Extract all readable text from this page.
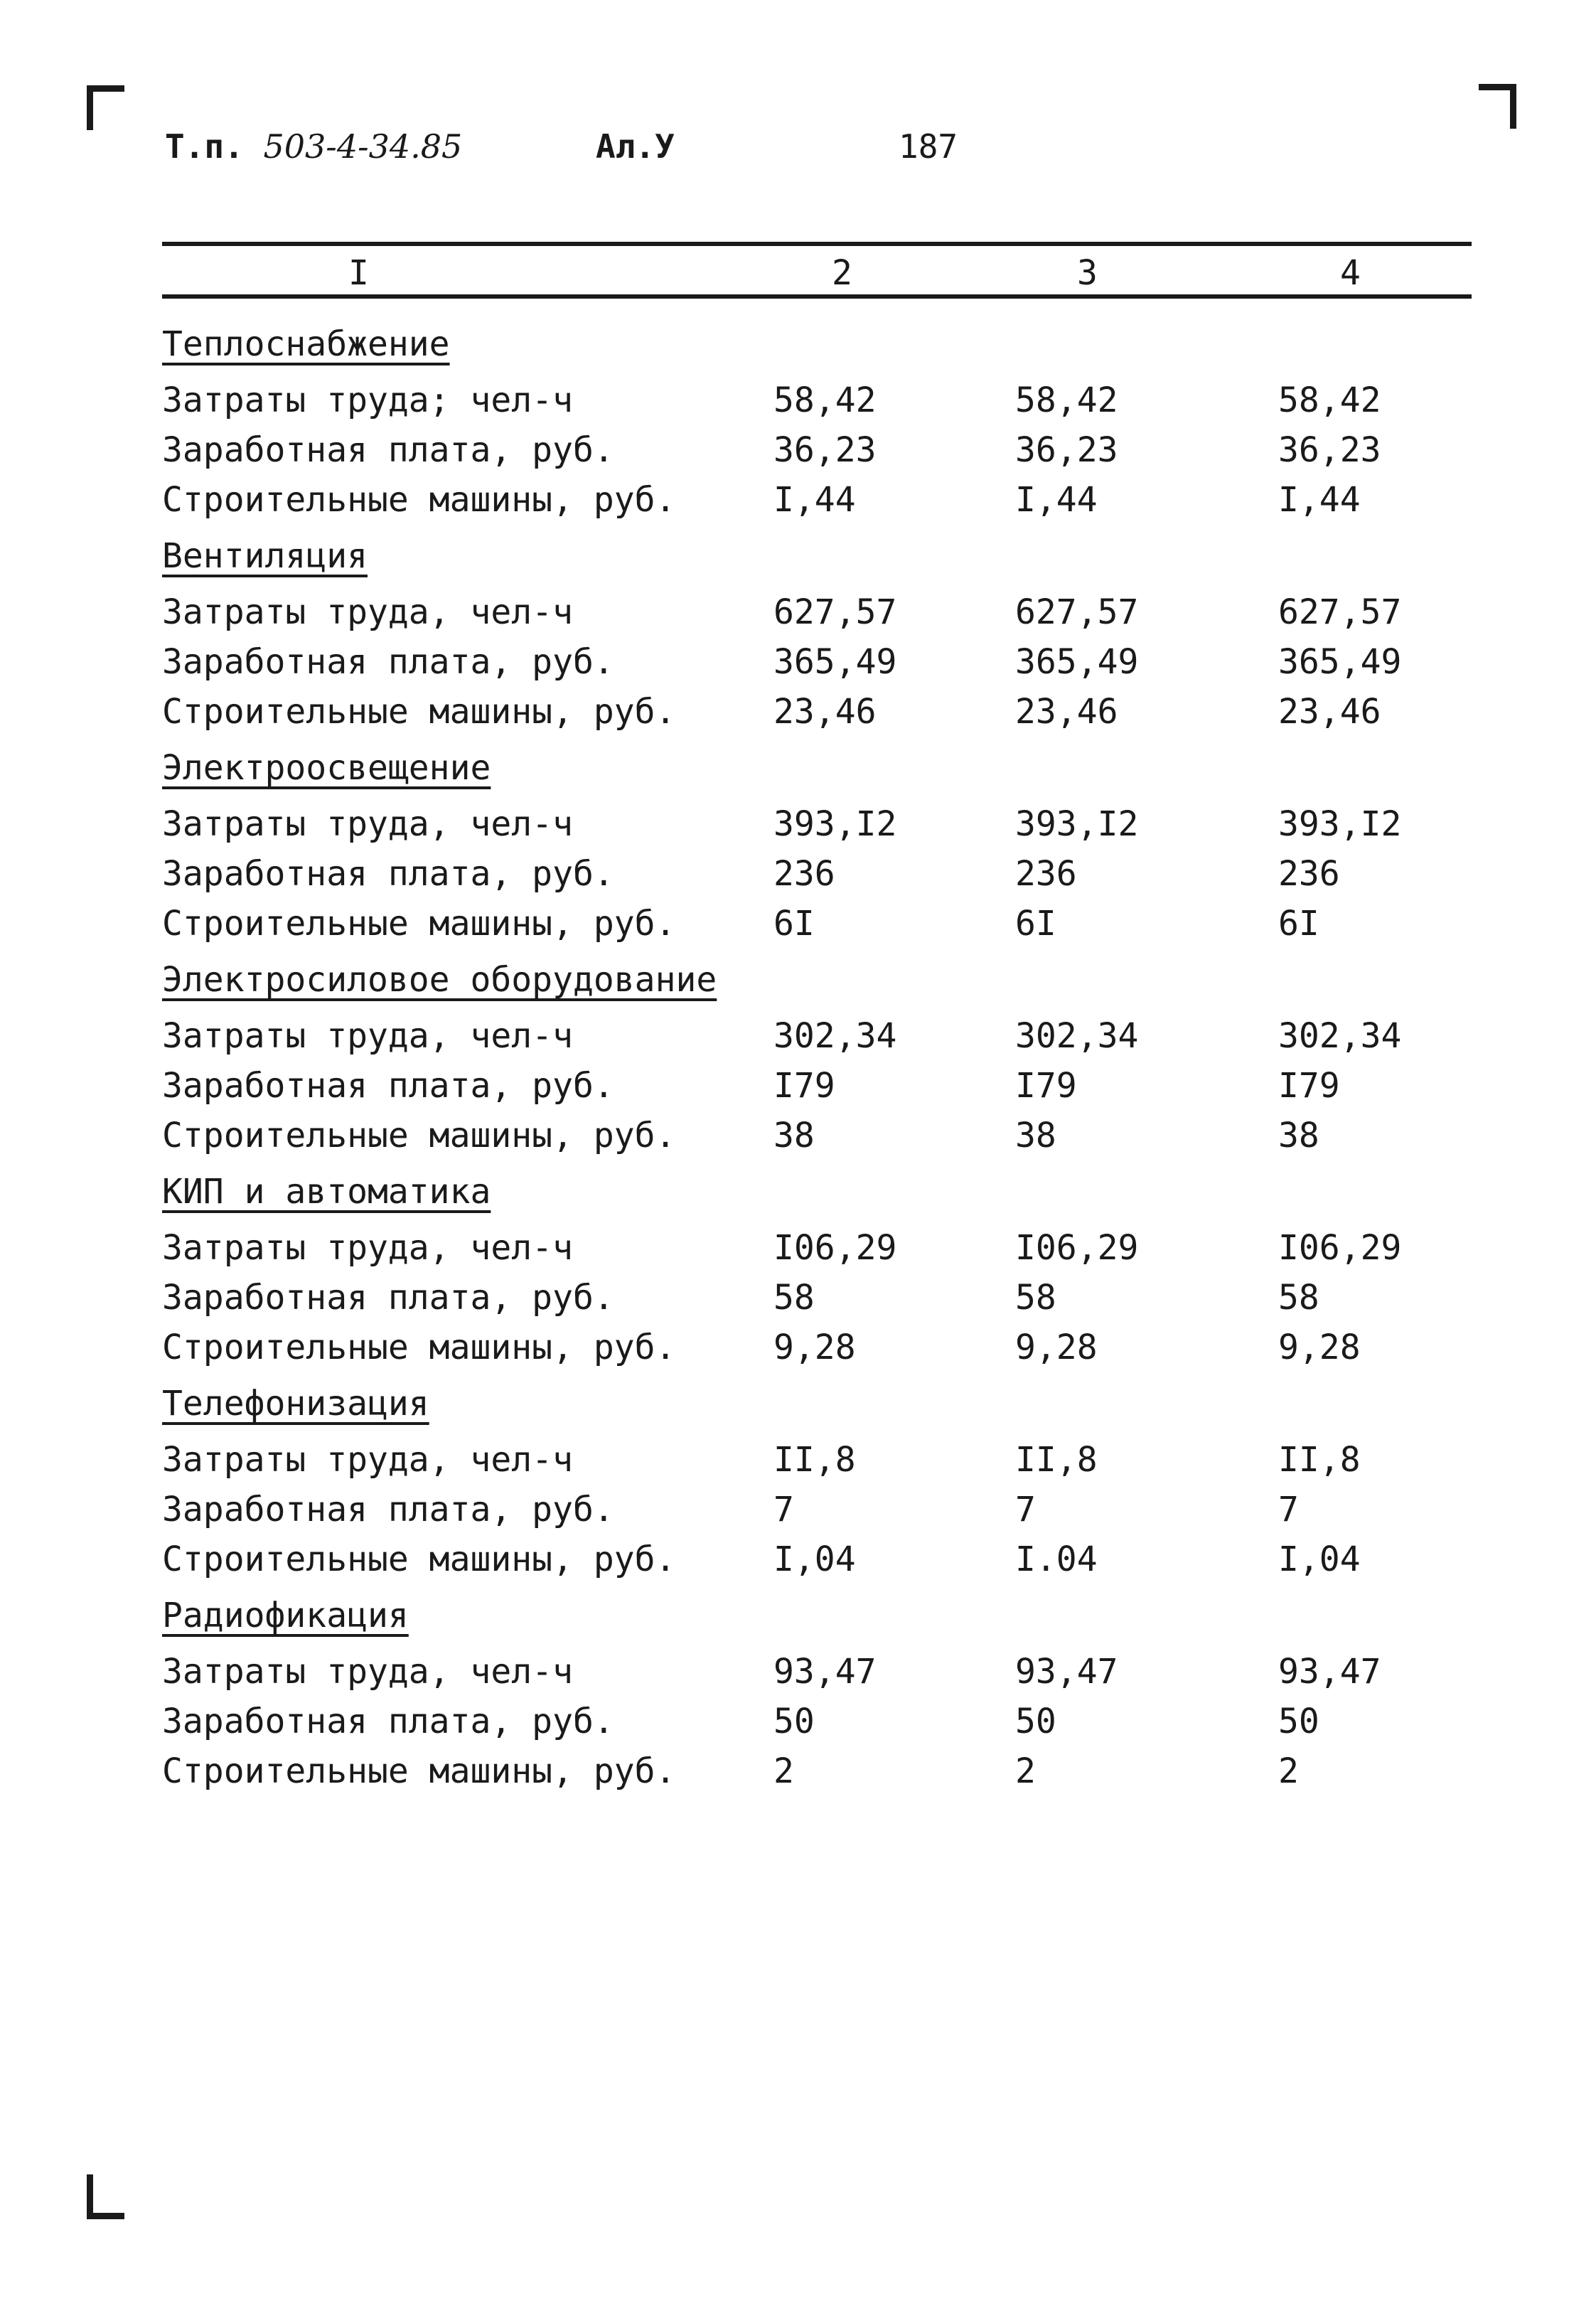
Т.п. 503-4-34.85	Ал.У	187
I	2	3	4
Теплоснабжение
Затраты труда; чел-ч	58,42	58,42	58,42
Заработная плата, руб.	36,23	36,23	36,23
Строительные машины, руб.	I,44	I,44	I,44
Вентиляция
Затраты труда, чел-ч	627,57	627,57	627,57
Заработная плата, руб.	365,49	365,49	365,49
Строительные машины, руб.	23,46	23,46	23,46
Электроосвещение
Затраты труда, чел-ч	393,I2	393,I2	393,I2
Заработная плата, руб.	236	236	236
Строительные машины, руб.	6I	6I	6I
Электросиловое оборудование
Затраты труда, чел-ч	302,34	302,34	302,34
Заработная плата, руб.	I79	I79	I79
Строительные машины, руб.	38	38	38
КИП и автоматика
Затраты труда, чел-ч	I06,29	I06,29	I06,29
Заработная плата, руб.	58	58	58
Строительные машины, руб.	9,28	9,28	9,28
Телефонизация
Затраты труда, чел-ч	II,8	II,8	II,8
Заработная плата, руб.	7	7	7
Строительные машины, руб.	I,04	I.04	I,04
Радиофикация
Затраты труда, чел-ч	93,47	93,47	93,47
Заработная плата, руб.	50	50	50
Строительные машины, руб.	2	2	2
